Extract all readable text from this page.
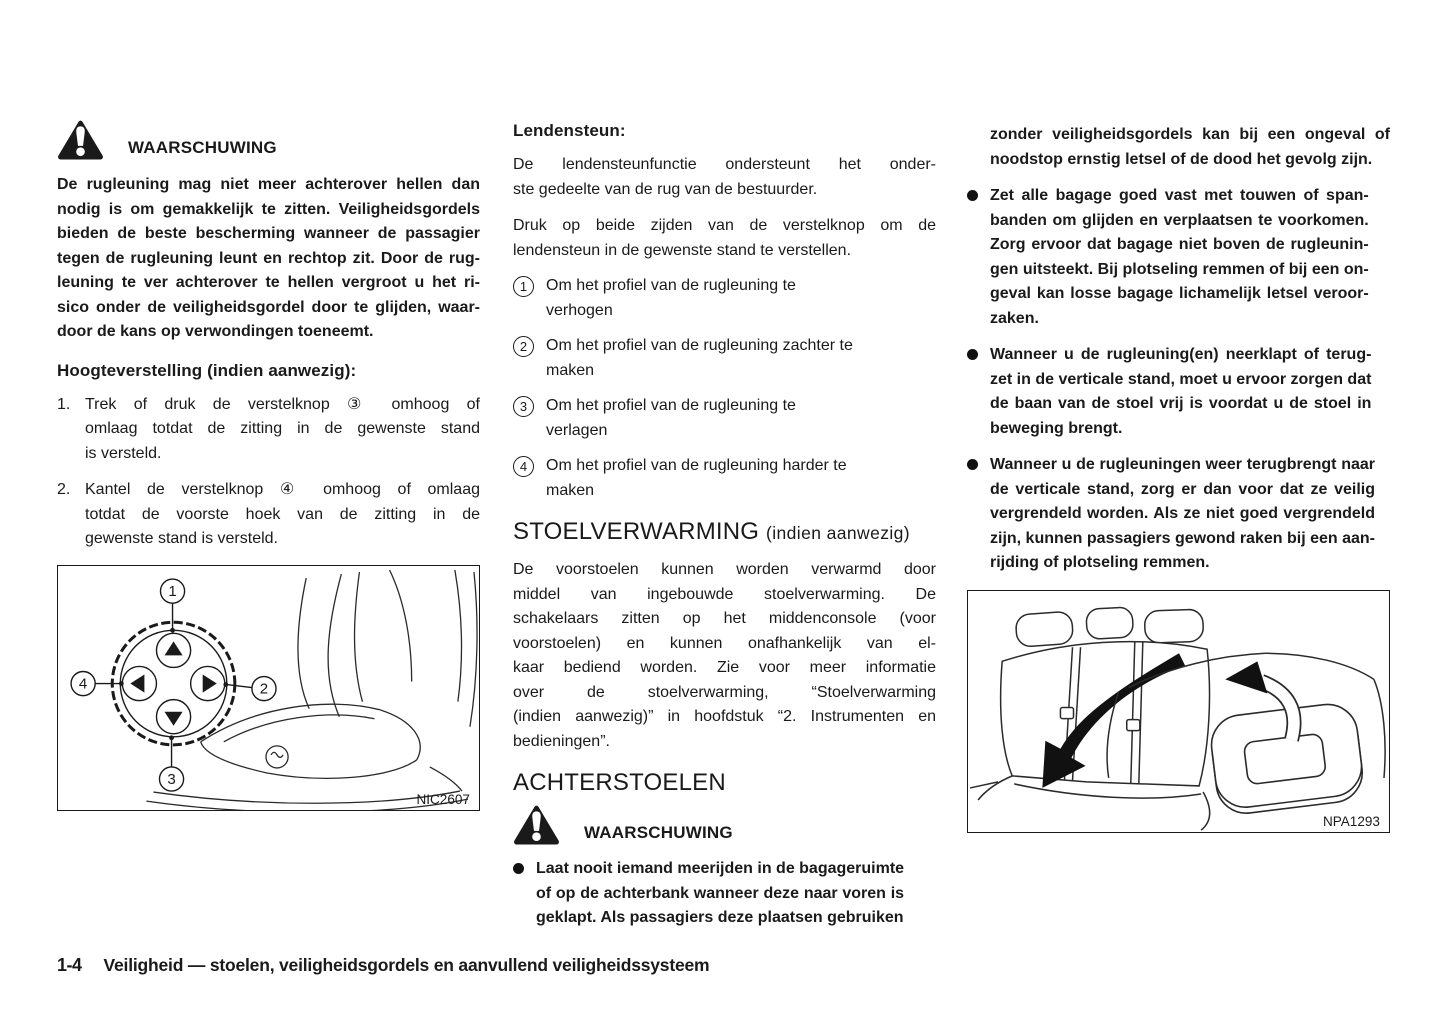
WAARSCHUWING
De rugleuning mag niet meer achterover hellen dan
nodig is om gemakkelijk te zitten. Veiligheidsgordels
bieden de beste bescherming wanneer de passagier
tegen de rugleuning leunt en rechtop zit. Door de rug-
leuning te ver achterover te hellen vergroot u het ri-
sico onder de veiligheidsgordel door te glijden, waar-
door de kans op verwondingen toeneemt.
Hoogteverstelling (indien aanwezig):
1. Trek of druk de verstelknop ③ omhoog of
omlaag totdat de zitting in de gewenste stand
is versteld.
2. Kantel de verstelknop ④ omhoog of omlaag
totdat de voorste hoek van de zitting in de
gewenste stand is versteld.
1
2
3
4
NIC2607
Lendensteun:
De lendensteunfunctie ondersteunt het onder-
ste gedeelte van de rug van de bestuurder.
Druk op beide zijden van de verstelknop om de
lendensteun in de gewenste stand te verstellen.
1	Om het profiel van de rugleuning te
verhogen
2	Om het profiel van de rugleuning zachter te
maken
3	Om het profiel van de rugleuning te
verlagen
4	Om het profiel van de rugleuning harder te
maken
STOELVERWARMING (indien aanwezig)
De voorstoelen kunnen worden verwarmd door
middel van ingebouwde stoelverwarming. De
schakelaars zitten op het middenconsole (voor
voorstoelen) en kunnen onafhankelijk van el-
kaar bediend worden. Zie voor meer informatie
over de stoelverwarming, “Stoelverwarming
(indien aanwezig)” in hoofdstuk “2. Instrumenten en
bedieningen”.
ACHTERSTOELEN
WAARSCHUWING
Laat nooit iemand meerijden in de bagageruimte
of op de achterbank wanneer deze naar voren is
geklapt. Als passagiers deze plaatsen gebruiken
zonder veiligheidsgordels kan bij een ongeval of
noodstop ernstig letsel of de dood het gevolg zijn.
Zet alle bagage goed vast met touwen of span-
banden om glijden en verplaatsen te voorkomen.
Zorg ervoor dat bagage niet boven de rugleunin-
gen uitsteekt. Bij plotseling remmen of bij een on-
geval kan losse bagage lichamelijk letsel veroor-
zaken.
Wanneer u de rugleuning(en) neerklapt of terug-
zet in de verticale stand, moet u ervoor zorgen dat
de baan van de stoel vrij is voordat u de stoel in
beweging brengt.
Wanneer u de rugleuningen weer terugbrengt naar
de verticale stand, zorg er dan voor dat ze veilig
vergrendeld worden. Als ze niet goed vergrendeld
zijn, kunnen passagiers gewond raken bij een aan-
rijding of plotseling remmen.
NPA1293
1-4 Veiligheid — stoelen, veiligheidsgordels en aanvullend veiligheidssysteem
